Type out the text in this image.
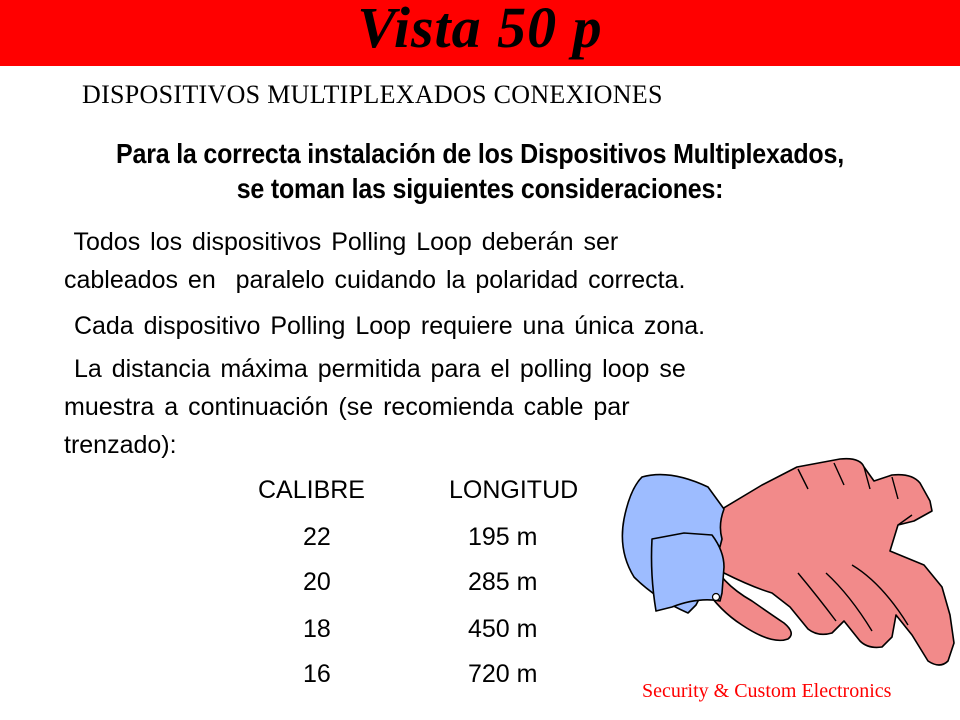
Vista 50 p
DISPOSITIVOS MULTIPLEXADOS CONEXIONES
Para la correcta instalación de los Dispositivos Multiplexados,
se toman las siguientes consideraciones:
Todos los dispositivos Polling Loop deberán ser
cableados en  paralelo cuidando la polaridad correcta.
Cada dispositivo Polling Loop requiere una única zona.
La distancia máxima permitida para el polling loop se
muestra a continuación (se recomienda cable par
trenzado):
CALIBRE	LONGITUD
22	195 m
20	285 m
18	450 m
16	720 m
Security & Custom Electronics
